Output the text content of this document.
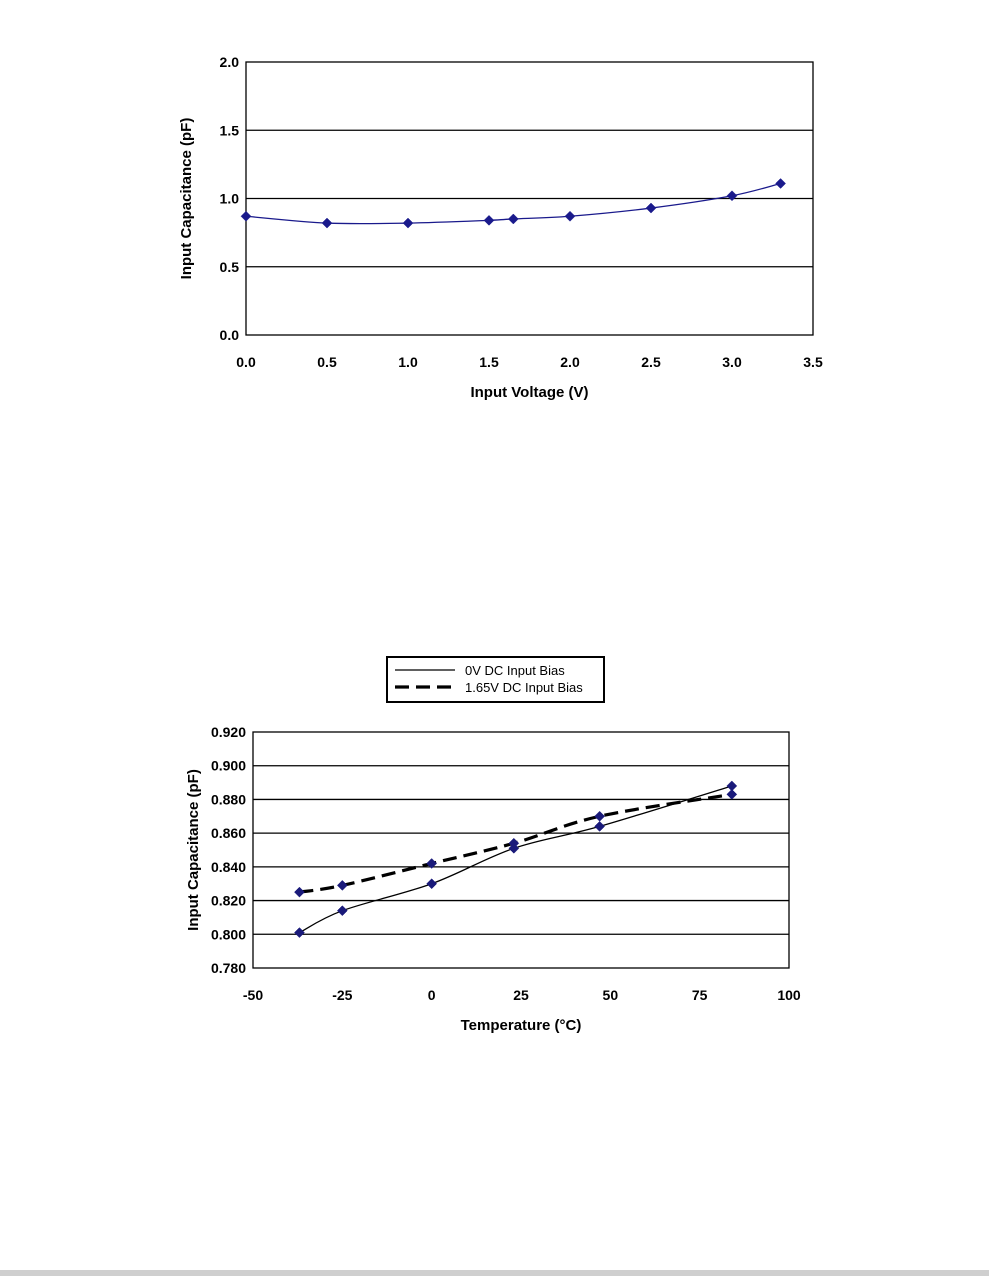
0.0
0.5
1.0
1.5
2.0
0.0	0.5	1.0	1.5	2.0	2.5	3.0	3.5
Input Voltage (V)
Input Capacitance (pF)
0.780
0.800
0.820
0.840
0.860
0.880
0.900
0.920
-50	-25	0	25	50	75	100
Temperature (°C)
Input Capacitance (pF)
0V DC Input Bias
1.65V DC Input Bias
